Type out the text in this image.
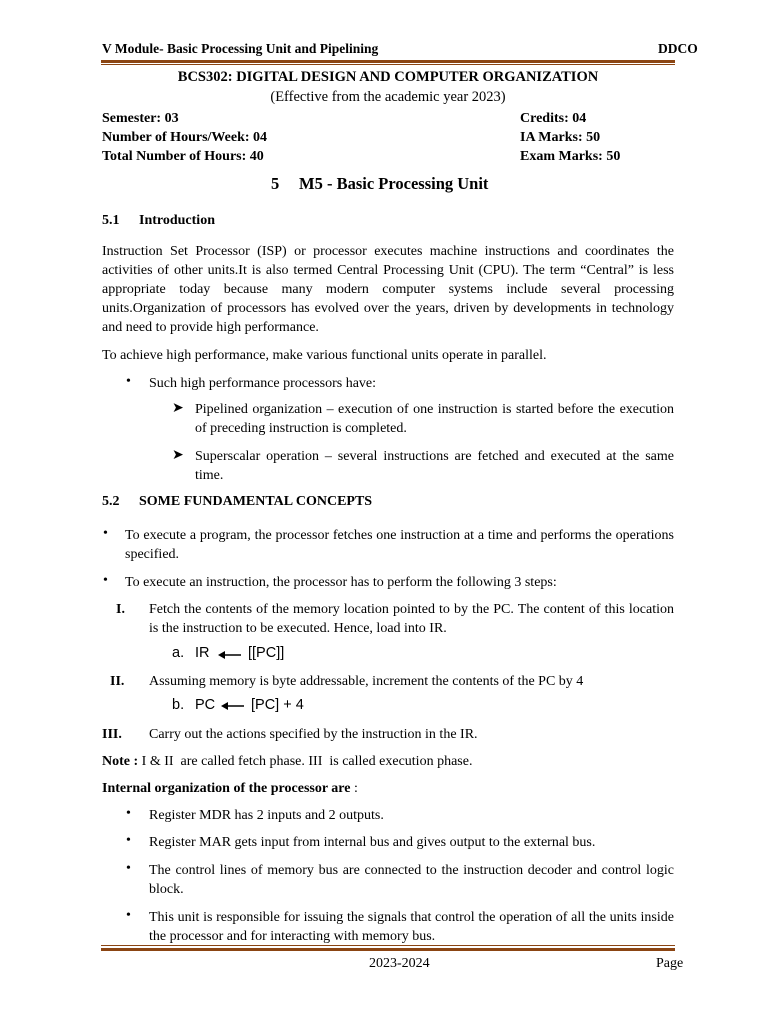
V Module- Basic Processing Unit and Pipelining	DDCO
BCS302: DIGITAL DESIGN AND COMPUTER ORGANIZATION
(Effective from the academic year 2023)
Semester: 03	Credits: 04
Number of Hours/Week: 04	IA Marks: 50
Total Number of Hours: 40	Exam Marks: 50
5 M5 - Basic Processing Unit
5.1 Introduction
Instruction Set Processor (ISP) or processor executes machine instructions and coordinates the activities of other units.It is also termed Central Processing Unit (CPU). The term “Central” is less appropriate today because many modern computer systems include several processing units.Organization of processors has evolved over the years, driven by developments in technology and need to provide high performance.
To achieve high performance, make various functional units operate in parallel.
• Such high performance processors have:
➤ Pipelined organization – execution of one instruction is started before the execution of preceding instruction is completed.
➤ Superscalar operation – several instructions are fetched and executed at the same time.
5.2 SOME FUNDAMENTAL CONCEPTS
• To execute a program, the processor fetches one instruction at a time and performs the operations specified.
• To execute an instruction, the processor has to perform the following 3 steps:
I. Fetch the contents of the memory location pointed to by the PC. The content of this location is the instruction to be executed. Hence, load into IR.
a. IR	[[PC]]
II. Assuming memory is byte addressable, increment the contents of the PC by 4
b. PC [PC] + 4
III. Carry out the actions specified by the instruction in the IR.
Note : I & II  are called fetch phase. III  is called execution phase.
Internal organization of the processor are :
• Register MDR has 2 inputs and 2 outputs.
• Register MAR gets input from internal bus and gives output to the external bus.
• The control lines of memory bus are connected to the instruction decoder and control logic block.
• This unit is responsible for issuing the signals that control the operation of all the units inside the processor and for interacting with memory bus.
2023-2024	Page
